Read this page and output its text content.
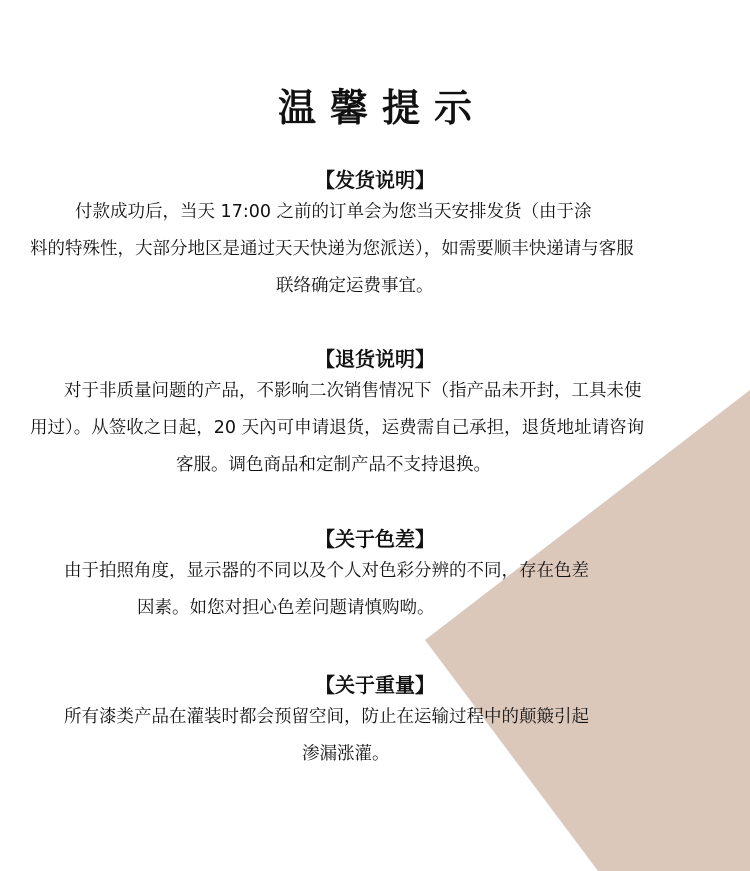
温馨提示

【发货说明】

付款成功后，当天 17:00 之前的订单会为您当天安排发货（由于涂

料的特殊性，大部分地区是通过天天快递为您派送），如需要顺丰快递请与客服

联络确定运费事宜。

【退货说明】

对于非质量问题的产品，不影响二次销售情况下（指产品未开封，工具未使

用过）。从签收之日起，20 天內可申请退货，运费需自己承担，退货地址请咨询

客服。调色商品和定制产品不支持退换。

【关于色差】

由于拍照角度，显示器的不同以及个人对色彩分辨的不同，存在色差

因素。如您对担心色差问题请慎购呦。

【关于重量】

所有漆类产品在灌装时都会预留空间，防止在运输过程中的颠簸引起

渗漏涨灌。
